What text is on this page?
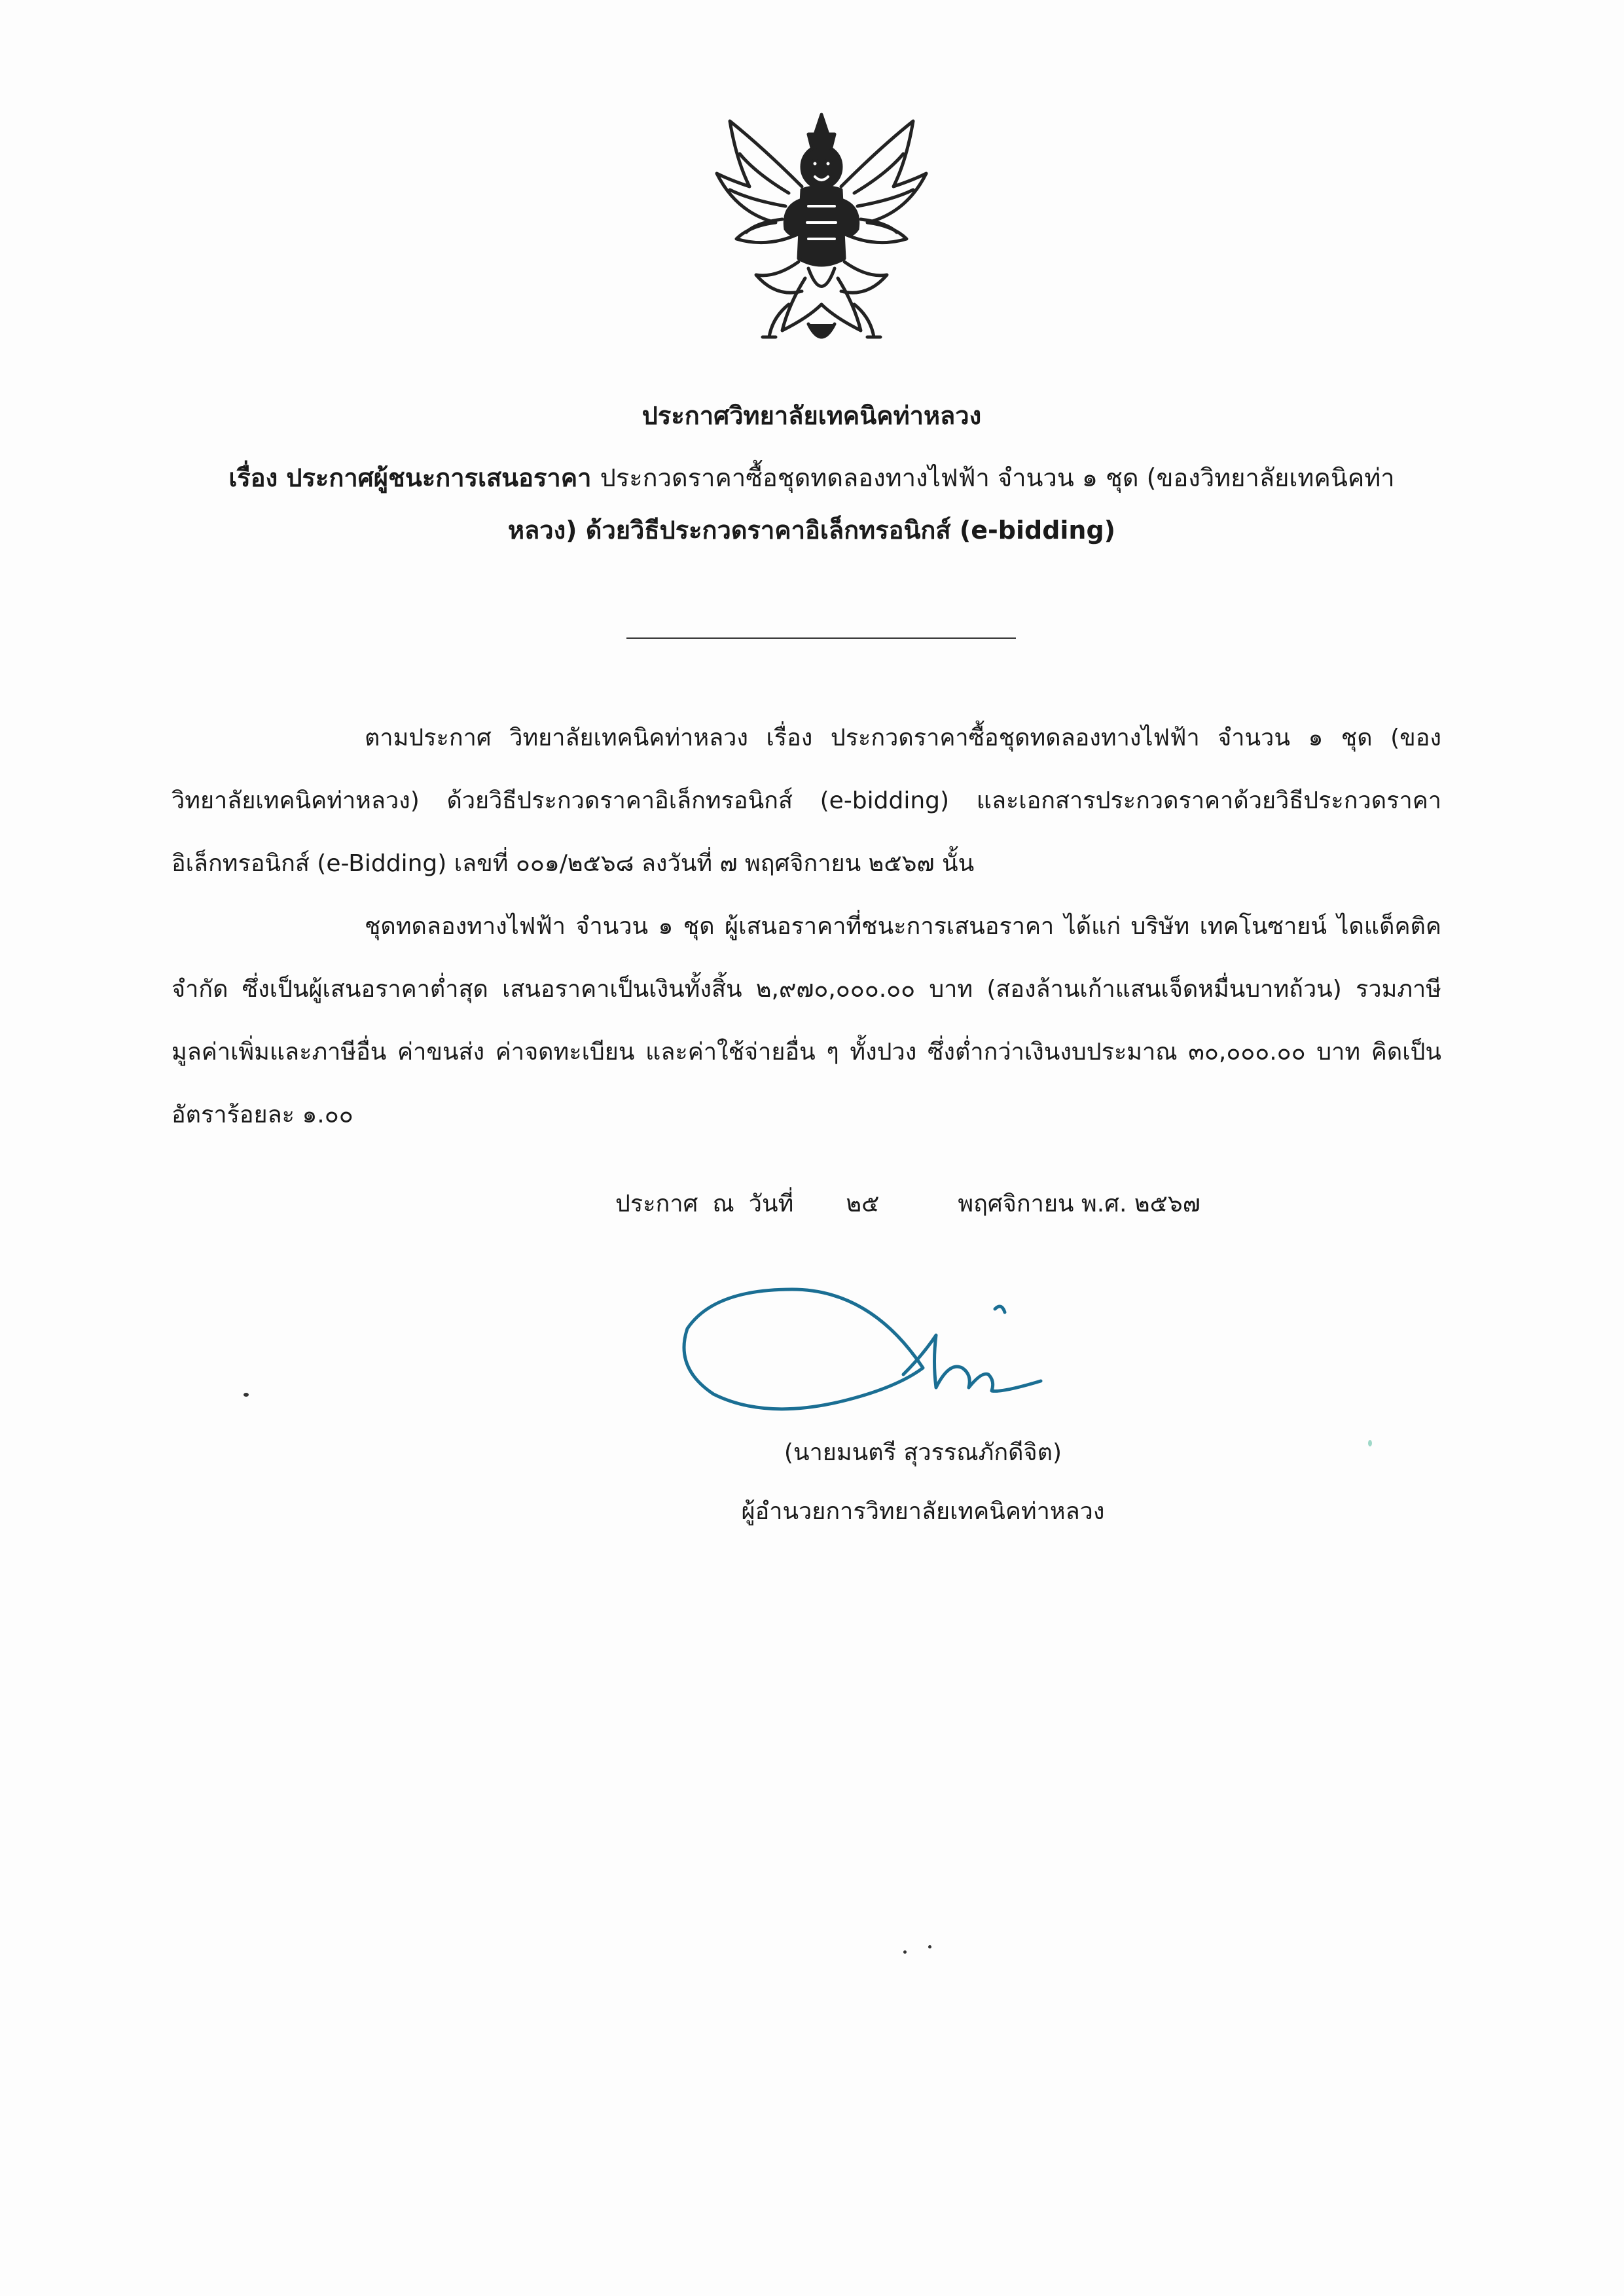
ประกาศวิทยาลัยเทคนิคท่าหลวง
เรื่อง ประกาศผู้ชนะการเสนอราคา ประกวดราคาซื้อชุดทดลองทางไฟฟ้า จำนวน ๑ ชุด (ของวิทยาลัยเทคนิคท่า
หลวง) ด้วยวิธีประกวดราคาอิเล็กทรอนิกส์ (e-bidding)
ตามประกาศ วิทยาลัยเทคนิคท่าหลวง เรื่อง ประกวดราคาซื้อชุดทดลองทางไฟฟ้า จำนวน ๑ ชุด (ของวิทยาลัยเทคนิคท่าหลวง) ด้วยวิธีประกวดราคาอิเล็กทรอนิกส์ (e-bidding) และเอกสารประกวดราคาด้วยวิธีประกวดราคาอิเล็กทรอนิกส์ (e-Bidding) เลขที่ ๐๐๑/๒๕๖๘ ลงวันที่ ๗ พฤศจิกายน ๒๕๖๗ นั้น
ชุดทดลองทางไฟฟ้า จำนวน ๑ ชุด ผู้เสนอราคาที่ชนะการเสนอราคา ได้แก่ บริษัท เทคโนซายน์ ไดแด็คติค จำกัด ซึ่งเป็นผู้เสนอราคาต่ำสุด เสนอราคาเป็นเงินทั้งสิ้น ๒,๙๗๐,๐๐๐.๐๐ บาท (สองล้านเก้าแสนเจ็ดหมื่นบาทถ้วน) รวมภาษีมูลค่าเพิ่มและภาษีอื่น ค่าขนส่ง ค่าจดทะเบียน และค่าใช้จ่ายอื่น ๆ ทั้งปวง ซึ่งต่ำกว่าเงินงบประมาณ ๓๐,๐๐๐.๐๐ บาท คิดเป็นอัตราร้อยละ ๑.๐๐
ประกาศ ณ วันที่ ๒๕	พฤศจิกายน พ.ศ. ๒๕๖๗
(นายมนตรี สุวรรณภักดีจิต)
ผู้อำนวยการวิทยาลัยเทคนิคท่าหลวง
